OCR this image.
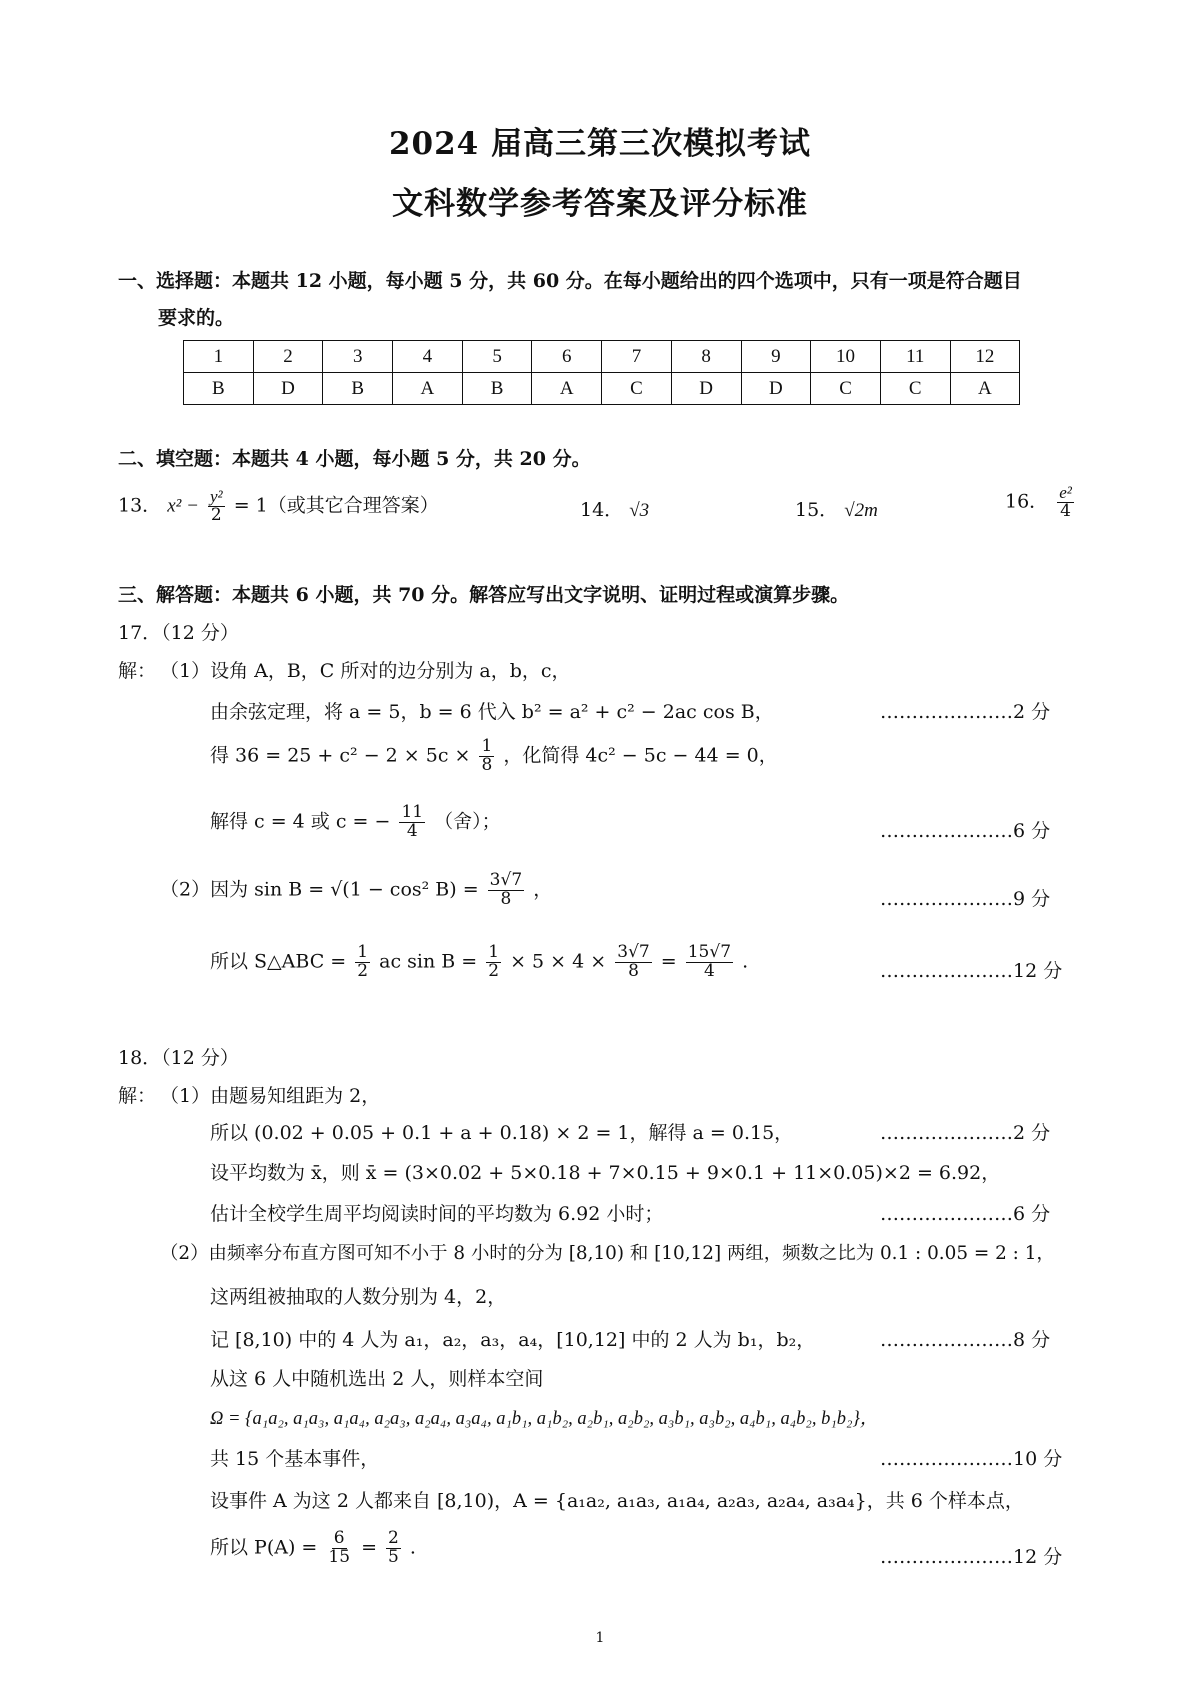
2024 届高三第三次模拟考试
文科数学参考答案及评分标准
一、选择题：本题共 12 小题，每小题 5 分，共 60 分。在每小题给出的四个选项中，只有一项是符合题目
要求的。
1	2	3	4	5	6	7	8	9	10	11	12
B	D	B	A	B	A	C	D	D	C	C	A
二、填空题：本题共 4 小题，每小题 5 分，共 20 分。
13． $x^2 - \frac{\text{y²}}{2} = 1$（或其它合理答案）	14． √3	15． √2m	16． $\frac{\text{e²}}{4}$
三、解答题：本题共 6 小题，共 70 分。解答应写出文字说明、证明过程或演算步骤。
17．（12 分）
解： （1）设角 A，B，C 所对的边分别为 a，b，c，
由余弦定理，将 a = 5，b = 6 代入 b² = a² + c² − 2ac cos B，	…………………2 分
得 $36 = 25 + c^2 - 2 \times 5c \times \frac{1}{8}$ ，化简得 4c² − 5c − 44 = 0，
解得 c = 4 或 c = − $\frac{11}{4}$ （舍）；	…………………6 分
（2）因为 sin B = √(1 − cos² $B) = \frac{3√7}{8}$ ，	…………………9 分
所以 S△ABC = $\frac{1}{2}$ ac $\sin B = \frac{1}{2} \times 5 \times 4 \times \frac{3√7}{8} = \frac{15√7}{4}$ .	…………………12 分
18．（12 分）
解： （1）由题易知组距为 2，
所以 (0.02 + 0.05 + 0.1 + a + 0.18) × 2 = 1，解得 a = 0.15，	…………………2 分
设平均数为 x̄，则 x̄ = (3×0.02 + 5×0.18 + 7×0.15 + 9×0.1 + 11×0.05)×2 = 6.92，
估计全校学生周平均阅读时间的平均数为 6.92 小时；	…………………6 分
（2）由频率分布直方图可知不小于 8 小时的分为 [8,10) 和 [10,12] 两组，频数之比为 0.1 : 0.05 = 2 : 1，
这两组被抽取的人数分别为 4，2，
记 [8,10) 中的 4 人为 a₁，a₂，a₃，a₄，[10,12] 中的 2 人为 b₁，b₂，	…………………8 分
从这 6 人中随机选出 2 人，则样本空间
Ω = {a₁a₂, a₁a₃, a₁a₄, a₂a₃, a₂a₄, a₃a₄, a₁b₁, a₁b₂, a₂b₁, a₂b₂, a₃b₁, a₃b₂, a₄b₁, a₄b₂, b₁b₂}，
共 15 个基本事件，	…………………10 分
设事件 A 为这 2 人都来自 [8,10)，A = {a₁a₂, a₁a₃, a₁a₄, a₂a₃, a₂a₄, a₃a₄}，共 6 个样本点，
所以 $P(A) = \frac{6}{15} = \frac{2}{5}$ .	…………………12 分
1
